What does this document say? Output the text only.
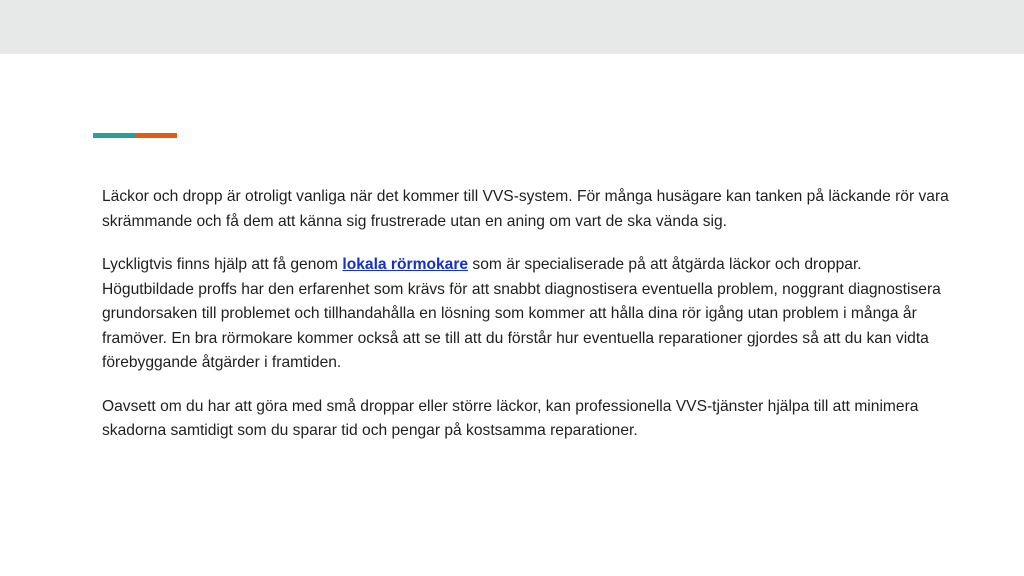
Läckor och dropp är otroligt vanliga när det kommer till VVS-system. För många husägare kan tanken på läckande rör vara skrämmande och få dem att känna sig frustrerade utan en aning om vart de ska vända sig.

Lyckligtvis finns hjälp att få genom lokala rörmokare som är specialiserade på att åtgärda läckor och droppar. Högutbildade proffs har den erfarenhet som krävs för att snabbt diagnostisera eventuella problem, noggrant diagnostisera grundorsaken till problemet och tillhandahålla en lösning som kommer att hålla dina rör igång utan problem i många år framöver. En bra rörmokare kommer också att se till att du förstår hur eventuella reparationer gjordes så att du kan vidta förebyggande åtgärder i framtiden.

Oavsett om du har att göra med små droppar eller större läckor, kan professionella VVS-tjänster hjälpa till att minimera skadorna samtidigt som du sparar tid och pengar på kostsamma reparationer.
